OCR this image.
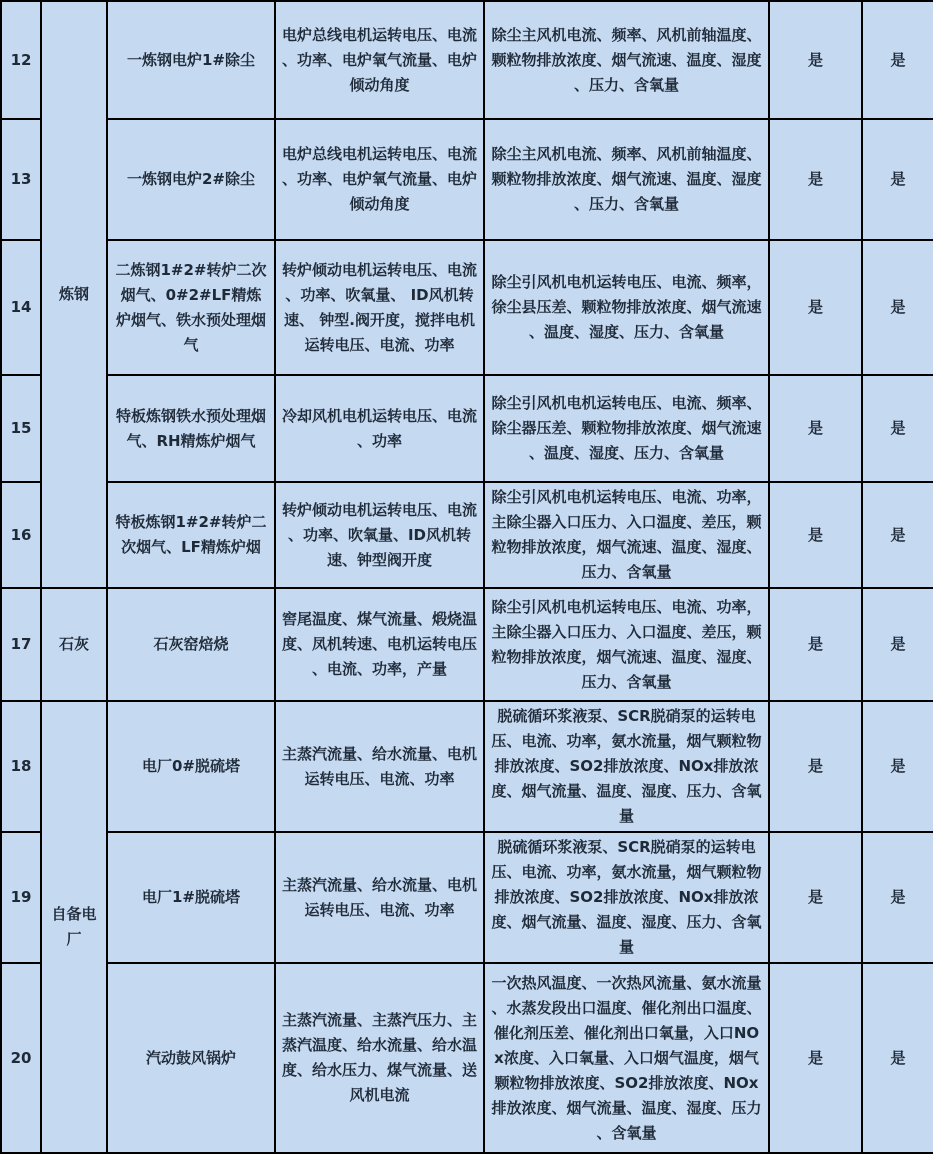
12	炼钢	一炼钢电炉1#除尘	电炉总线电机运转电压、电流、功率、电炉氧气流量、电炉倾动角度	除尘主风机电流、频率、风机前轴温度、颗粒物排放浓度、烟气流速、温度、湿度、压力、含氧量	是	是
13		一炼钢电炉2#除尘	电炉总线电机运转电压、电流、功率、电炉氧气流量、电炉倾动角度	除尘主风机电流、频率、风机前轴温度、颗粒物排放浓度、烟气流速、温度、湿度、压力、含氧量	是	是
14		二炼钢1#2#转炉二次烟气、0#2#LF精炼炉烟气、铁水预处理烟气	转炉倾动电机运转电压、电流、功率、吹氧量、 ID风机转速、 钟型.阀开度，搅拌电机运转电压、电流、功率	除尘引风机电机运转电压、电流、频率，徐尘县压差、颗粒物排放浓度、烟气流速、温度、湿度、压力、含氧量	是	是
15		特板炼钢铁水预处理烟气、RH精炼炉烟气	冷却风机电机运转电压、电流、功率	除尘引风机电机运转电压、电流、频率、除尘器压差、颗粒物排放浓度、烟气流速、温度、湿度、压力、含氧量	是	是
16		特板炼钢1#2#转炉二次烟气、LF精炼炉烟	转炉倾动电机运转电压、电流、功率、吹氧量、ID风机转速、钟型阀开度	除尘引风机电机运转电压、电流、功率，主除尘器入口压力、入口温度、差压，颗粒物排放浓度，烟气流速、温度、湿度、压力、含氧量	是	是
17	石灰	石灰窑焙烧	窖尾温度、煤气流量、煅烧温度、凤机转速、电机运转电压、电流、功率，产量	除尘引风机电机运转电压、电流、功率，主除尘器入口压力、入口温度、差压，颗粒物排放浓度，烟气流速、温度、湿度、压力、含氧量	是	是
18	自备电厂	电厂0#脱硫塔	主蒸汽流量、给水流量、电机运转电压、电流、功率	脱硫循环浆液泵、SCR脱硝泵的运转电压、电流、功率，氨水流量，烟气颗粒物排放浓度、SO2排放浓度、NOx排放浓度、烟气流量、温度、湿度、压力、含氧量	是	是
19		电厂1#脱硫塔	主蒸汽流量、给水流量、电机运转电压、电流、功率	脱硫循环浆液泵、SCR脱硝泵的运转电压、电流、功率，氨水流量，烟气颗粒物排放浓度、SO2排放浓度、NOx排放浓度、烟气流量、温度、湿度、压力、含氧量	是	是
20		汽动鼓风锅炉	主蒸汽流量、主蒸汽压力、主蒸汽温度、给水流量、给水温度、给水压力、煤气流量、送风机电流	一次热风温度、一次热风流量、氨水流量、水蒸发段出口温度、催化剂出口温度、催化剂压差、催化剂出口氧量，入口NOx浓度、入口氧量、入口烟气温度，烟气颗粒物排放浓度、SO2排放浓度、NOx排放浓度、烟气流量、温度、湿度、压力、含氧量	是	是
